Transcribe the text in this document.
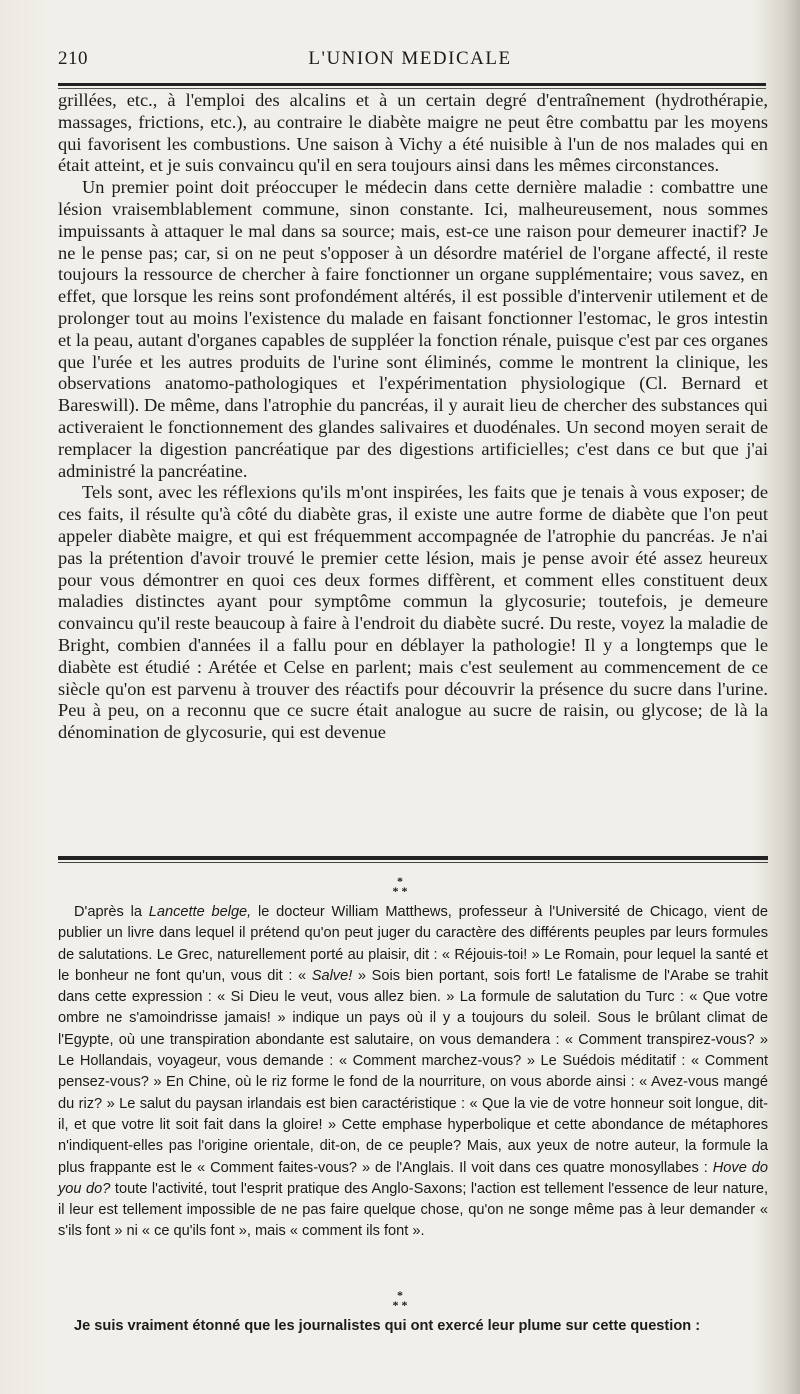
210	L'UNION MEDICALE

grillées, etc., à l'emploi des alcalins et à un certain degré d'entraînement (hydrothérapie, massages, frictions, etc.), au contraire le diabète maigre ne peut être combattu par les moyens qui favorisent les combustions. Une saison à Vichy a été nuisible à l'un de nos malades qui en était atteint, et je suis convaincu qu'il en sera toujours ainsi dans les mêmes circonstances.

Un premier point doit préoccuper le médecin dans cette dernière maladie : combattre une lésion vraisemblablement commune, sinon constante. Ici, malheureusement, nous sommes impuissants à attaquer le mal dans sa source; mais, est-ce une raison pour demeurer inactif? Je ne le pense pas; car, si on ne peut s'opposer à un désordre matériel de l'organe affecté, il reste toujours la ressource de chercher à faire fonctionner un organe supplémentaire; vous savez, en effet, que lorsque les reins sont profondément altérés, il est possible d'intervenir utilement et de prolonger tout au moins l'existence du malade en faisant fonctionner l'estomac, le gros intestin et la peau, autant d'organes capables de suppléer la fonction rénale, puisque c'est par ces organes que l'urée et les autres produits de l'urine sont éliminés, comme le montrent la clinique, les observations anatomo-pathologiques et l'expérimentation physiologique (Cl. Bernard et Bareswill). De même, dans l'atrophie du pancréas, il y aurait lieu de chercher des substances qui activeraient le fonctionnement des glandes salivaires et duodénales. Un second moyen serait de remplacer la digestion pancréatique par des digestions artificielles; c'est dans ce but que j'ai administré la pancréatine.

Tels sont, avec les réflexions qu'ils m'ont inspirées, les faits que je tenais à vous exposer; de ces faits, il résulte qu'à côté du diabète gras, il existe une autre forme de diabète que l'on peut appeler diabète maigre, et qui est fréquemment accompagnée de l'atrophie du pancréas. Je n'ai pas la prétention d'avoir trouvé le premier cette lésion, mais je pense avoir été assez heureux pour vous démontrer en quoi ces deux formes diffèrent, et comment elles constituent deux maladies distinctes ayant pour symptôme commun la glycosurie; toutefois, je demeure convaincu qu'il reste beaucoup à faire à l'endroit du diabète sucré. Du reste, voyez la maladie de Bright, combien d'années il a fallu pour en déblayer la pathologie! Il y a longtemps que le diabète est étudié : Arétée et Celse en parlent; mais c'est seulement au commencement de ce siècle qu'on est parvenu à trouver des réactifs pour découvrir la présence du sucre dans l'urine. Peu à peu, on a reconnu que ce sucre était analogue au sucre de raisin, ou glycose; de là la dénomination de glycosurie, qui est devenue

*
* *

D'après la Lancette belge, le docteur William Matthews, professeur à l'Université de Chicago, vient de publier un livre dans lequel il prétend qu'on peut juger du caractère des différents peuples par leurs formules de salutations. Le Grec, naturellement porté au plaisir, dit : « Réjouis-toi! » Le Romain, pour lequel la santé et le bonheur ne font qu'un, vous dit : « Salve! » Sois bien portant, sois fort! Le fatalisme de l'Arabe se trahit dans cette expression : « Si Dieu le veut, vous allez bien. » La formule de salutation du Turc : « Que votre ombre ne s'amoindrisse jamais! » indique un pays où il y a toujours du soleil. Sous le brûlant climat de l'Egypte, où une transpiration abondante est salutaire, on vous demandera : « Comment transpirez-vous? » Le Hollandais, voyageur, vous demande : « Comment marchez-vous? » Le Suédois méditatif : « Comment pensez-vous? » En Chine, où le riz forme le fond de la nourriture, on vous aborde ainsi : « Avez-vous mangé du riz? » Le salut du paysan irlandais est bien caractéristique : « Que la vie de votre honneur soit longue, dit-il, et que votre lit soit fait dans la gloire! » Cette emphase hyperbolique et cette abondance de métaphores n'indiquent-elles pas l'origine orientale, dit-on, de ce peuple? Mais, aux yeux de notre auteur, la formule la plus frappante est le « Comment faites-vous? » de l'Anglais. Il voit dans ces quatre monosyllabes : Hove do you do? toute l'activité, tout l'esprit pratique des Anglo-Saxons; l'action est tellement l'essence de leur nature, il leur est tellement impossible de ne pas faire quelque chose, qu'on ne songe même pas à leur demander « s'ils font » ni « ce qu'ils font », mais « comment ils font ».

*
* *
Je suis vraiment étonné que les journalistes qui ont exercé leur plume sur cette question :
